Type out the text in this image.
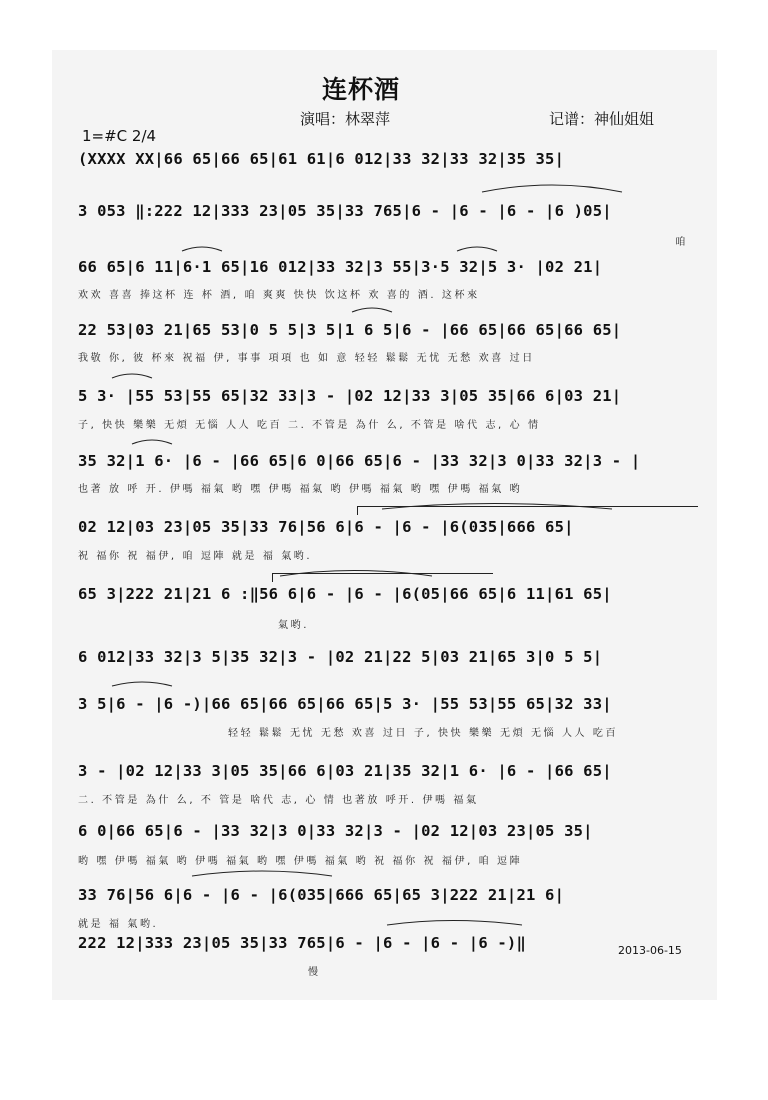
连杯酒
演唱：林翠萍	记谱：神仙姐姐
1=#C 2/4
(XXXX XX|66 65|66 65|61 61|6 012|33 32|33 32|35 35|
3 053 ‖:222 12|333 23|05 35|33 765|6 - |6 - |6 - |6 )05|
咱
66 65|6 11|6·1 65|16 012|33 32|3 55|3·5 32|5 3· |02 21|
欢欢 喜喜 捧这杯 连 杯 酒, 咱 爽爽 快快 饮这杯 欢 喜的 酒. 这杯來
22 53|03 21|65 53|0 5 5|3 5|1 6 5|6 - |66 65|66 65|66 65|
我敬 你, 彼 杯來 祝福 伊, 事事 項項 也 如 意 轻轻 鬆鬆 无忧 无愁 欢喜 过日
5 3· |55 53|55 65|32 33|3 - |02 12|33 3|05 35|66 6|03 21|
子, 快快 樂樂 无煩 无惱 人人 吃百 二. 不管是 為什 么, 不管是 啥代 志, 心 情
35 32|1 6· |6 - |66 65|6 0|66 65|6 - |33 32|3 0|33 32|3 - |
也著 放 呼 开. 伊嗎 福氣 哟 嘿 伊嗎 福氣 哟 伊嗎 福氣 哟 嘿 伊嗎 福氣 哟
02 12|03 23|05 35|33 76|56 6|6 - |6 - |6(035|666 65|
祝 福你 祝 福伊, 咱 逗陣 就是 福 氣哟.
65 3|222 21|21 6 :‖56 6|6 - |6 - |6(05|66 65|6 11|61 65|
氣哟.
6 012|33 32|3 5|35 32|3 - |02 21|22 5|03 21|65 3|0 5 5|
3 5|6 - |6 -)|66 65|66 65|66 65|5 3· |55 53|55 65|32 33|
轻轻 鬆鬆 无忧 无愁 欢喜 过日 子, 快快 樂樂 无煩 无惱 人人 吃百
3 - |02 12|33 3|05 35|66 6|03 21|35 32|1 6· |6 - |66 65|
二. 不管是 為什 么, 不 管是 啥代 志, 心 情 也著放 呼开. 伊嗎 福氣
6 0|66 65|6 - |33 32|3 0|33 32|3 - |02 12|03 23|05 35|
哟 嘿 伊嗎 福氣 哟 伊嗎 福氣 哟 嘿 伊嗎 福氣 哟 祝 福你 祝 福伊, 咱 逗陣
33 76|56 6|6 - |6 - |6(035|666 65|65 3|222 21|21 6|
就是 福 氣哟.
222 12|333 23|05 35|33 765|6 - |6 - |6 - |6 -)‖
慢
2013-06-15
